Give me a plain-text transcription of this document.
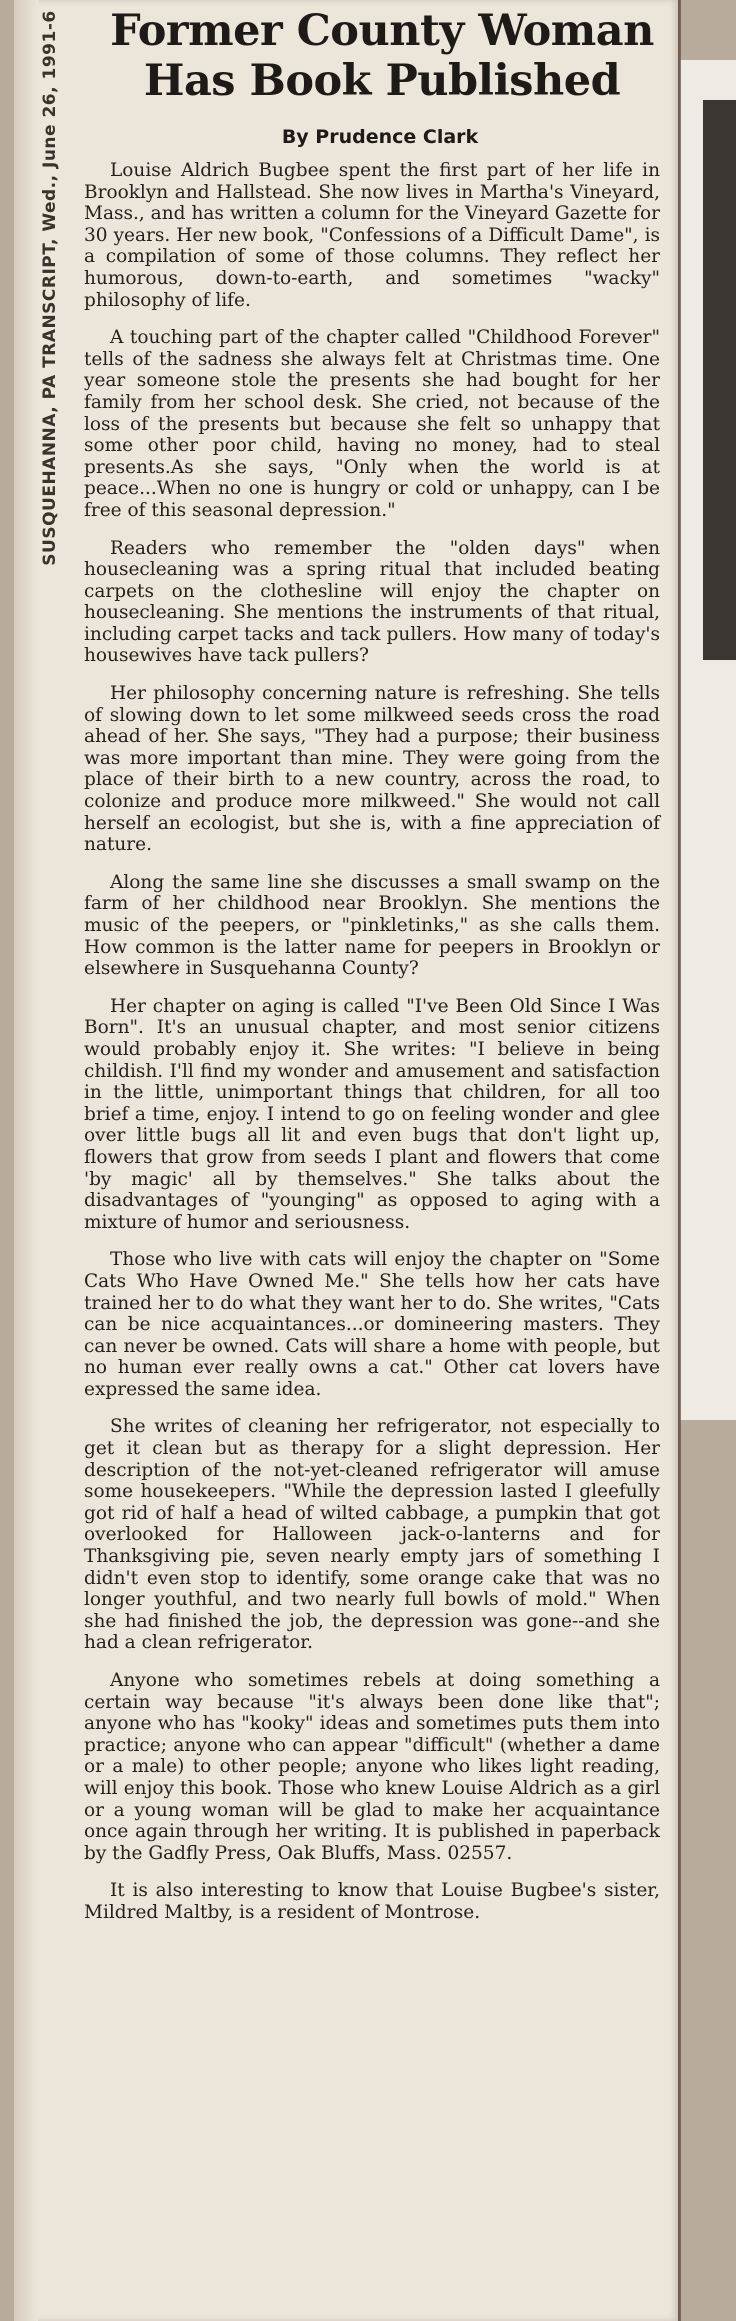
SUSQUEHANNA, PA TRANSCRIPT, Wed., June 26, 1991-6 Former County Woman Has Book Published
By Prudence Clark

Louise Aldrich Bugbee spent the first part of her life in Brooklyn and Hallstead. She now lives in Martha's Vineyard, Mass., and has written a column for the Vineyard Gazette for 30 years. Her new book, "Confessions of a Difficult Dame", is a compilation of some of those columns. They reflect her humorous, down-to-earth, and sometimes "wacky" philosophy of life.

A touching part of the chapter called "Childhood Forever" tells of the sadness she always felt at Christmas time. One year someone stole the presents she had bought for her family from her school desk. She cried, not because of the loss of the presents but because she felt so unhappy that some other poor child, having no money, had to steal presents.As she says, "Only when the world is at peace...When no one is hungry or cold or unhappy, can I be free of this seasonal depression."

Readers who remember the "olden days" when housecleaning was a spring ritual that included beating carpets on the clothesline will enjoy the chapter on housecleaning. She mentions the instruments of that ritual, including carpet tacks and tack pullers. How many of today's housewives have tack pullers?

Her philosophy concerning nature is refreshing. She tells of slowing down to let some milkweed seeds cross the road ahead of her. She says, "They had a purpose; their business was more important than mine. They were going from the place of their birth to a new country, across the road, to colonize and produce more milkweed." She would not call herself an ecologist, but she is, with a fine appreciation of nature.

Along the same line she discusses a small swamp on the farm of her childhood near Brooklyn. She mentions the music of the peepers, or "pinkletinks," as she calls them. How common is the latter name for peepers in Brooklyn or elsewhere in Susquehanna County?

Her chapter on aging is called "I've Been Old Since I Was Born". It's an unusual chapter, and most senior citizens would probably enjoy it. She writes: "I believe in being childish. I'll find my wonder and amusement and satisfaction in the little, unimportant things that children, for all too brief a time, enjoy. I intend to go on feeling wonder and glee over little bugs all lit and even bugs that don't light up, flowers that grow from seeds I plant and flowers that come 'by magic' all by themselves." She talks about the disadvantages of "younging" as opposed to aging with a mixture of humor and seriousness.

Those who live with cats will enjoy the chapter on "Some Cats Who Have Owned Me." She tells how her cats have trained her to do what they want her to do. She writes, "Cats can be nice acquaintances...or domineering masters. They can never be owned. Cats will share a home with people, but no human ever really owns a cat." Other cat lovers have expressed the same idea.

She writes of cleaning her refrigerator, not especially to get it clean but as therapy for a slight depression. Her description of the not-yet-cleaned refrigerator will amuse some housekeepers. "While the depression lasted I gleefully got rid of half a head of wilted cabbage, a pumpkin that got overlooked for Halloween jack-o-lanterns and for Thanksgiving pie, seven nearly empty jars of something I didn't even stop to identify, some orange cake that was no longer youthful, and two nearly full bowls of mold." When she had finished the job, the depression was gone--and she had a clean refrigerator.

Anyone who sometimes rebels at doing something a certain way because "it's always been done like that"; anyone who has "kooky" ideas and sometimes puts them into practice; anyone who can appear "difficult" (whether a dame or a male) to other people; anyone who likes light reading, will enjoy this book. Those who knew Louise Aldrich as a girl or a young woman will be glad to make her acquaintance once again through her writing. It is published in paperback by the Gadfly Press, Oak Bluffs, Mass. 02557.

It is also interesting to know that Louise Bugbee's sister, Mildred Maltby, is a resident of Montrose.
